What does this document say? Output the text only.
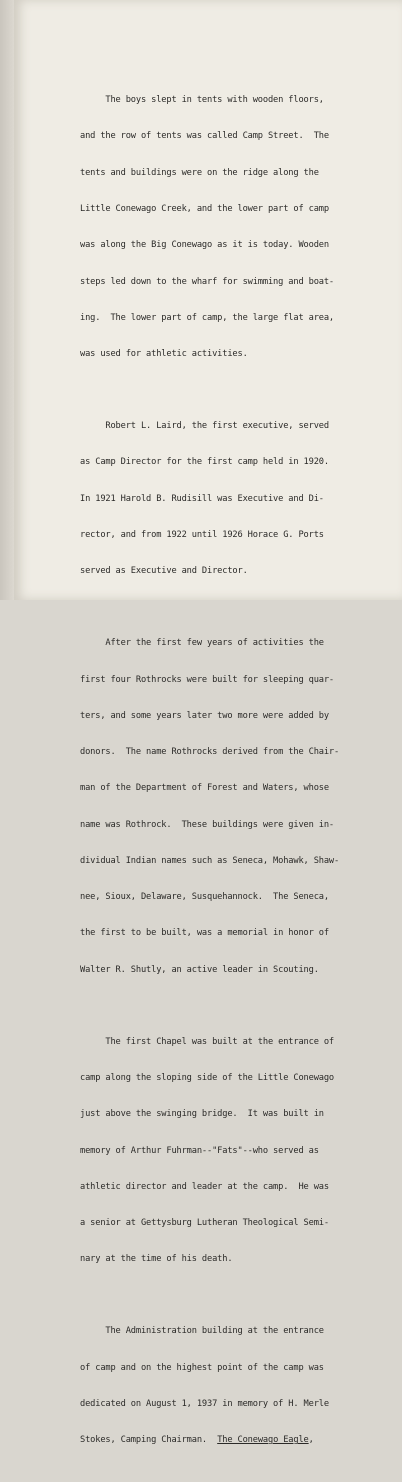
The boys slept in tents with wooden floors,

and the row of tents was called Camp Street.  The

tents and buildings were on the ridge along the

Little Conewago Creek, and the lower part of camp

was along the Big Conewago as it is today. Wooden

steps led down to the wharf for swimming and boat-

ing.  The lower part of camp, the large flat area,

was used for athletic activities.

Robert L. Laird, the first executive, served

as Camp Director for the first camp held in 1920.

In 1921 Harold B. Rudisill was Executive and Di-

rector, and from 1922 until 1926 Horace G. Ports

served as Executive and Director.

After the first few years of activities the

first four Rothrocks were built for sleeping quar-

ters, and some years later two more were added by

donors.  The name Rothrocks derived from the Chair-

man of the Department of Forest and Waters, whose

name was Rothrock.  These buildings were given in-

dividual Indian names such as Seneca, Mohawk, Shaw-

nee, Sioux, Delaware, Susquehannock.  The Seneca,

the first to be built, was a memorial in honor of

Walter R. Shutly, an active leader in Scouting.

The first Chapel was built at the entrance of

camp along the sloping side of the Little Conewago

just above the swinging bridge.  It was built in

memory of Arthur Fuhrman--"Fats"--who served as

athletic director and leader at the camp.  He was

a senior at Gettysburg Lutheran Theological Semi-

nary at the time of his death.

The Administration building at the entrance

of camp and on the highest point of the camp was

dedicated on August 1, 1937 in memory of H. Merle

Stokes, Camping Chairman. The Conewago Eagle,
